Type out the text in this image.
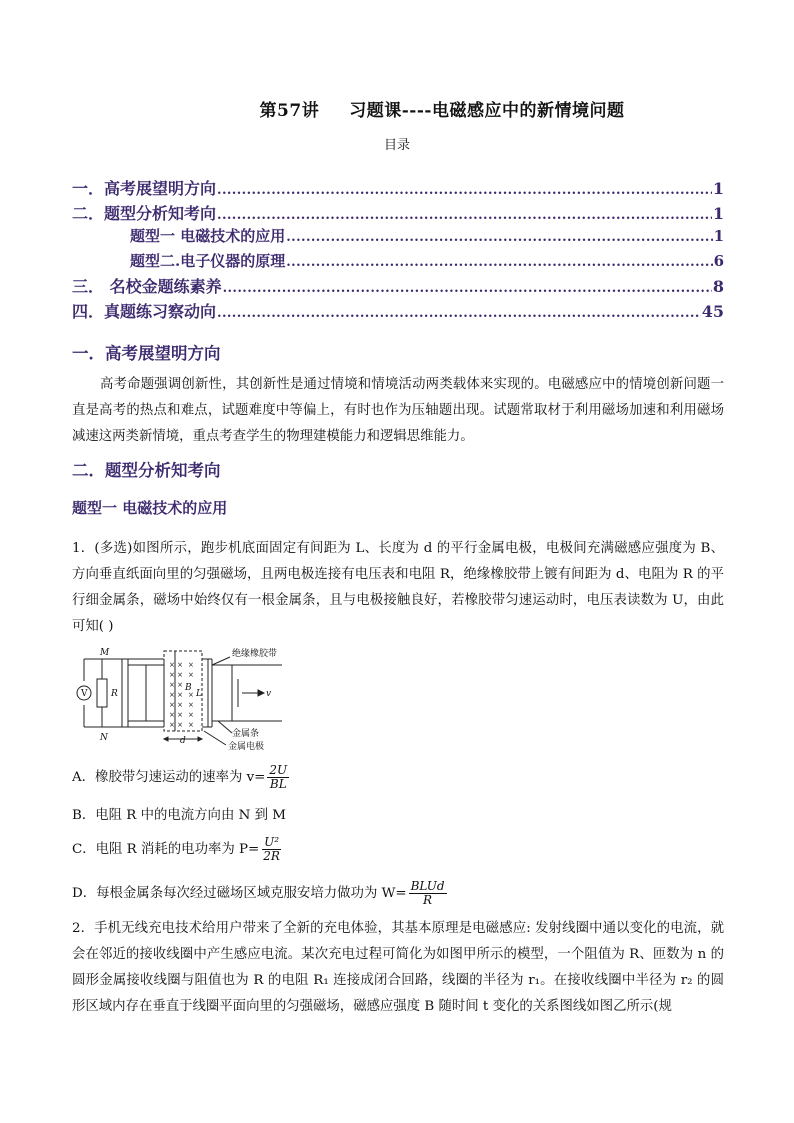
第57讲 习题课----电磁感应中的新情境问题
目录
一．高考展望明方向 .....	1
二．题型分析知考向 .....	1
题型一 电磁技术的应用 .....	1
题型二.电子仪器的原理 .....	6
三． 名校金题练素养 .....	8
四．真题练习察动向 .....	45
一．高考展望明方向
高考命题强调创新性，其创新性是通过情境和情境活动两类载体来实现的。电磁感应中的情境创新问题一直是高考的热点和难点，试题难度中等偏上，有时也作为压轴题出现。试题常取材于利用磁场加速和利用磁场减速这两类新情境，重点考查学生的物理建模能力和逻辑思维能力。
二．题型分析知考向
题型一 电磁技术的应用
1．(多选)如图所示，跑步机底面固定有间距为 L、长度为 d 的平行金属电极，电极间充满磁感应强度为 B、方向垂直纸面向里的匀强磁场，且两电极连接有电压表和电阻 R，绝缘橡胶带上镀有间距为 d、电阻为 R 的平行细金属条，磁场中始终仅有一根金属条，且与电极接触良好，若橡胶带匀速运动时，电压表读数为 U，由此可知( )
× ×
× ×
× ×
× ×
× ×
× ×
× ×
×
×
×
×
×
×
V
M
N
R
B
L
d
v
绝缘橡胶带
金属条
金属电极
A．橡胶带匀速运动的速率为 $v= \frac{2U}{BL}$
B．电阻 R 中的电流方向由 N 到 M
C．电阻 R 消耗的电功率为 $P= \frac{\text{U²}}{2R}$
D．每根金属条每次经过磁场区域克服安培力做功为 $W= \frac{\text{BLUd}}{R}$
2．手机无线充电技术给用户带来了全新的充电体验，其基本原理是电磁感应: 发射线圈中通以变化的电流，就会在邻近的接收线圈中产生感应电流。某次充电过程可简化为如图甲所示的模型，一个阻值为 R、匝数为 n 的圆形金属接收线圈与阻值也为 R 的电阻 R₁ 连接成闭合回路，线圈的半径为 r₁。在接收线圈中半径为 r₂ 的圆形区域内存在垂直于线圈平面向里的匀强磁场，磁感应强度 B 随时间 t 变化的关系图线如图乙所示(规
